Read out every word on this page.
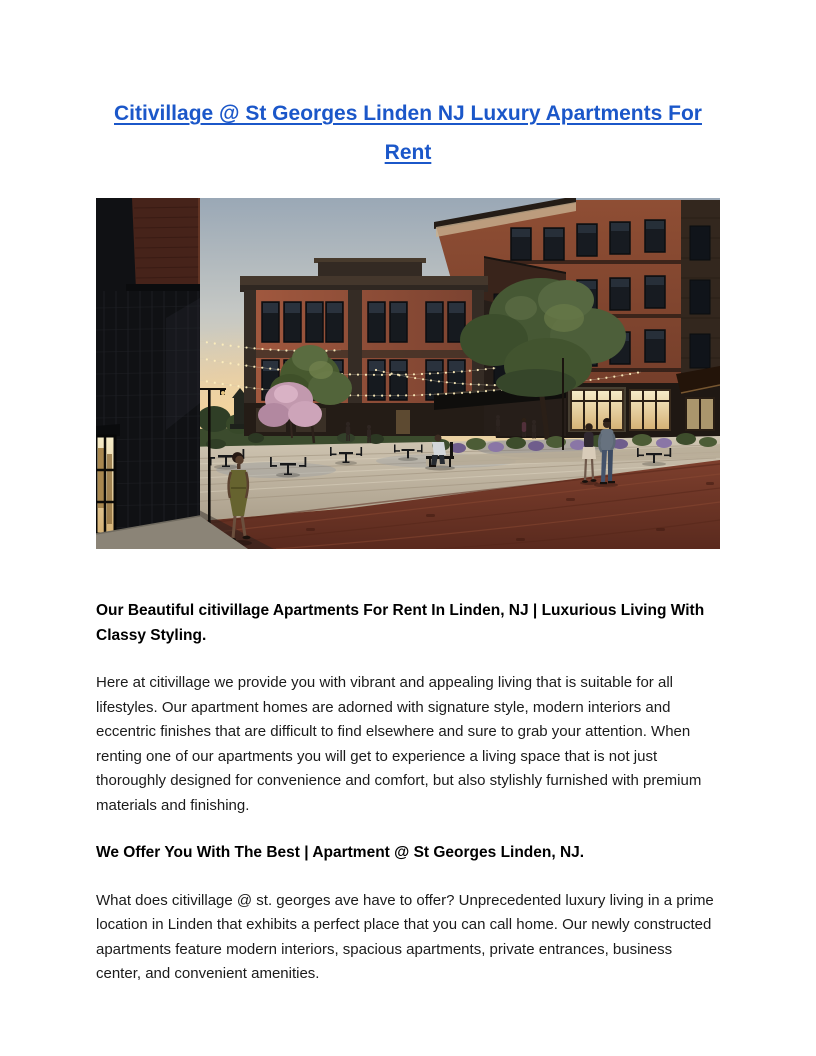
Citivillage @ St Georges Linden NJ Luxury Apartments For Rent
Our Beautiful citivillage Apartments For Rent In Linden, NJ | Luxurious Living With Classy Styling.

Here at citivillage we provide you with vibrant and appealing living that is suitable for all lifestyles. Our apartment homes are adorned with signature style, modern interiors and eccentric finishes that are difficult to find elsewhere and sure to grab your attention. When renting one of our apartments you will get to experience a living space that is not just thoroughly designed for convenience and comfort, but also stylishly furnished with premium materials and finishing.

We Offer You With The Best | Apartment @ St Georges Linden, NJ.

What does citivillage @ st. georges ave have to offer? Unprecedented luxury living in a prime location in Linden that exhibits a perfect place that you can call home. Our newly constructed apartments feature modern interiors, spacious apartments, private entrances, business center, and convenient amenities.
